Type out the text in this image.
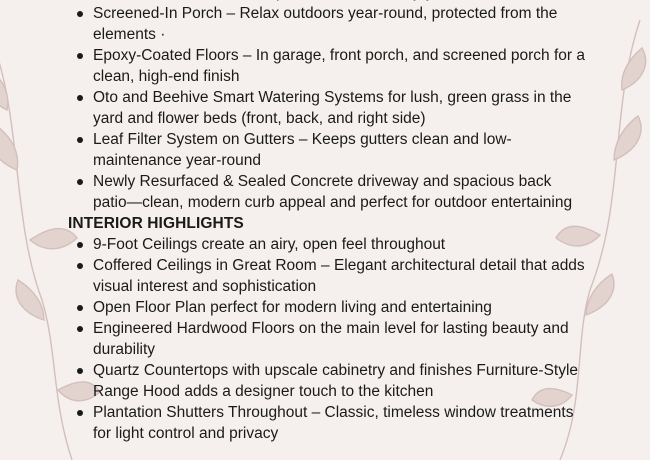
Screened-In Porch – Relax outdoors year-round, protected from the elements ·
Epoxy-Coated Floors – In garage, front porch, and screened porch for a clean, high-end finish
Oto and Beehive Smart Watering Systems for lush, green grass in the yard and flower beds (front, back, and right side)
Leaf Filter System on Gutters – Keeps gutters clean and low-maintenance year-round
Newly Resurfaced & Sealed Concrete driveway and spacious back patio—clean, modern curb appeal and perfect for outdoor entertaining
INTERIOR HIGHLIGHTS
9-Foot Ceilings create an airy, open feel throughout
Coffered Ceilings in Great Room – Elegant architectural detail that adds visual interest and sophistication
Open Floor Plan perfect for modern living and entertaining
Engineered Hardwood Floors on the main level for lasting beauty and durability
Quartz Countertops with upscale cabinetry and finishes Furniture-Style Range Hood adds a designer touch to the kitchen
Plantation Shutters Throughout – Classic, timeless window treatments for light control and privacy
